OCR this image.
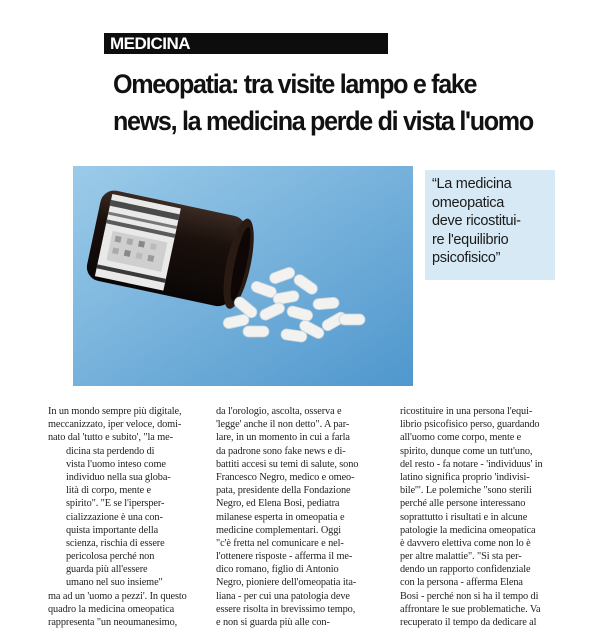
MEDICINA
Omeopatia: tra visite lampo e fake
news, la medicina perde di vista l'uomo
“La medicina
omeopatica
deve ricostitui-
re l'equilibrio
psicofisico”
In un mondo sempre più digitale,
meccanizzato, iper veloce, domi-
nato dal 'tutto e subito', "la me-
dicina sta perdendo di
vista l'uomo inteso come
individuo nella sua globa-
lità di corpo, mente e
spirito". "E se l'ipersper-
cializzazione è una con-
quista importante della
scienza, rischia di essere
pericolosa perché non
guarda più all'essere
umano nel suo insieme"
ma ad un 'uomo a pezzi'. In questo
quadro la medicina omeopatica
rappresenta "un neoumanesimo,
da l'orologio, ascolta, osserva e
'legge' anche il non detto". A par-
lare, in un momento in cui a farla
da padrone sono fake news e di-
battiti accesi su temi di salute, sono
Francesco Negro, medico e omeo-
pata, presidente della Fondazione
Negro, ed Elena Bosi, pediatra
milanese esperta in omeopatia e
medicine complementari. Oggi
"c'è fretta nel comunicare e nel-
l'ottenere risposte - afferma il me-
dico romano, figlio di Antonio
Negro, pioniere dell'omeopatia ita-
liana - per cui una patologia deve
essere risolta in brevissimo tempo,
e non si guarda più alle con-
ricostituire in una persona l'equi-
librio psicofisico perso, guardando
all'uomo come corpo, mente e
spirito, dunque come un tutt'uno,
del resto - fa notare - 'individuus' in
latino significa proprio 'indivisi-
bile'". Le polemiche "sono sterili
perché alle persone interessano
soprattutto i risultati e in alcune
patologie la medicina omeopatica
è davvero elettiva come non lo è
per altre malattie". "Si sta per-
dendo un rapporto confidenziale
con la persona - afferma Elena
Bosi - perché non si ha il tempo di
affrontare le sue problematiche. Va
recuperato il tempo da dedicare al
